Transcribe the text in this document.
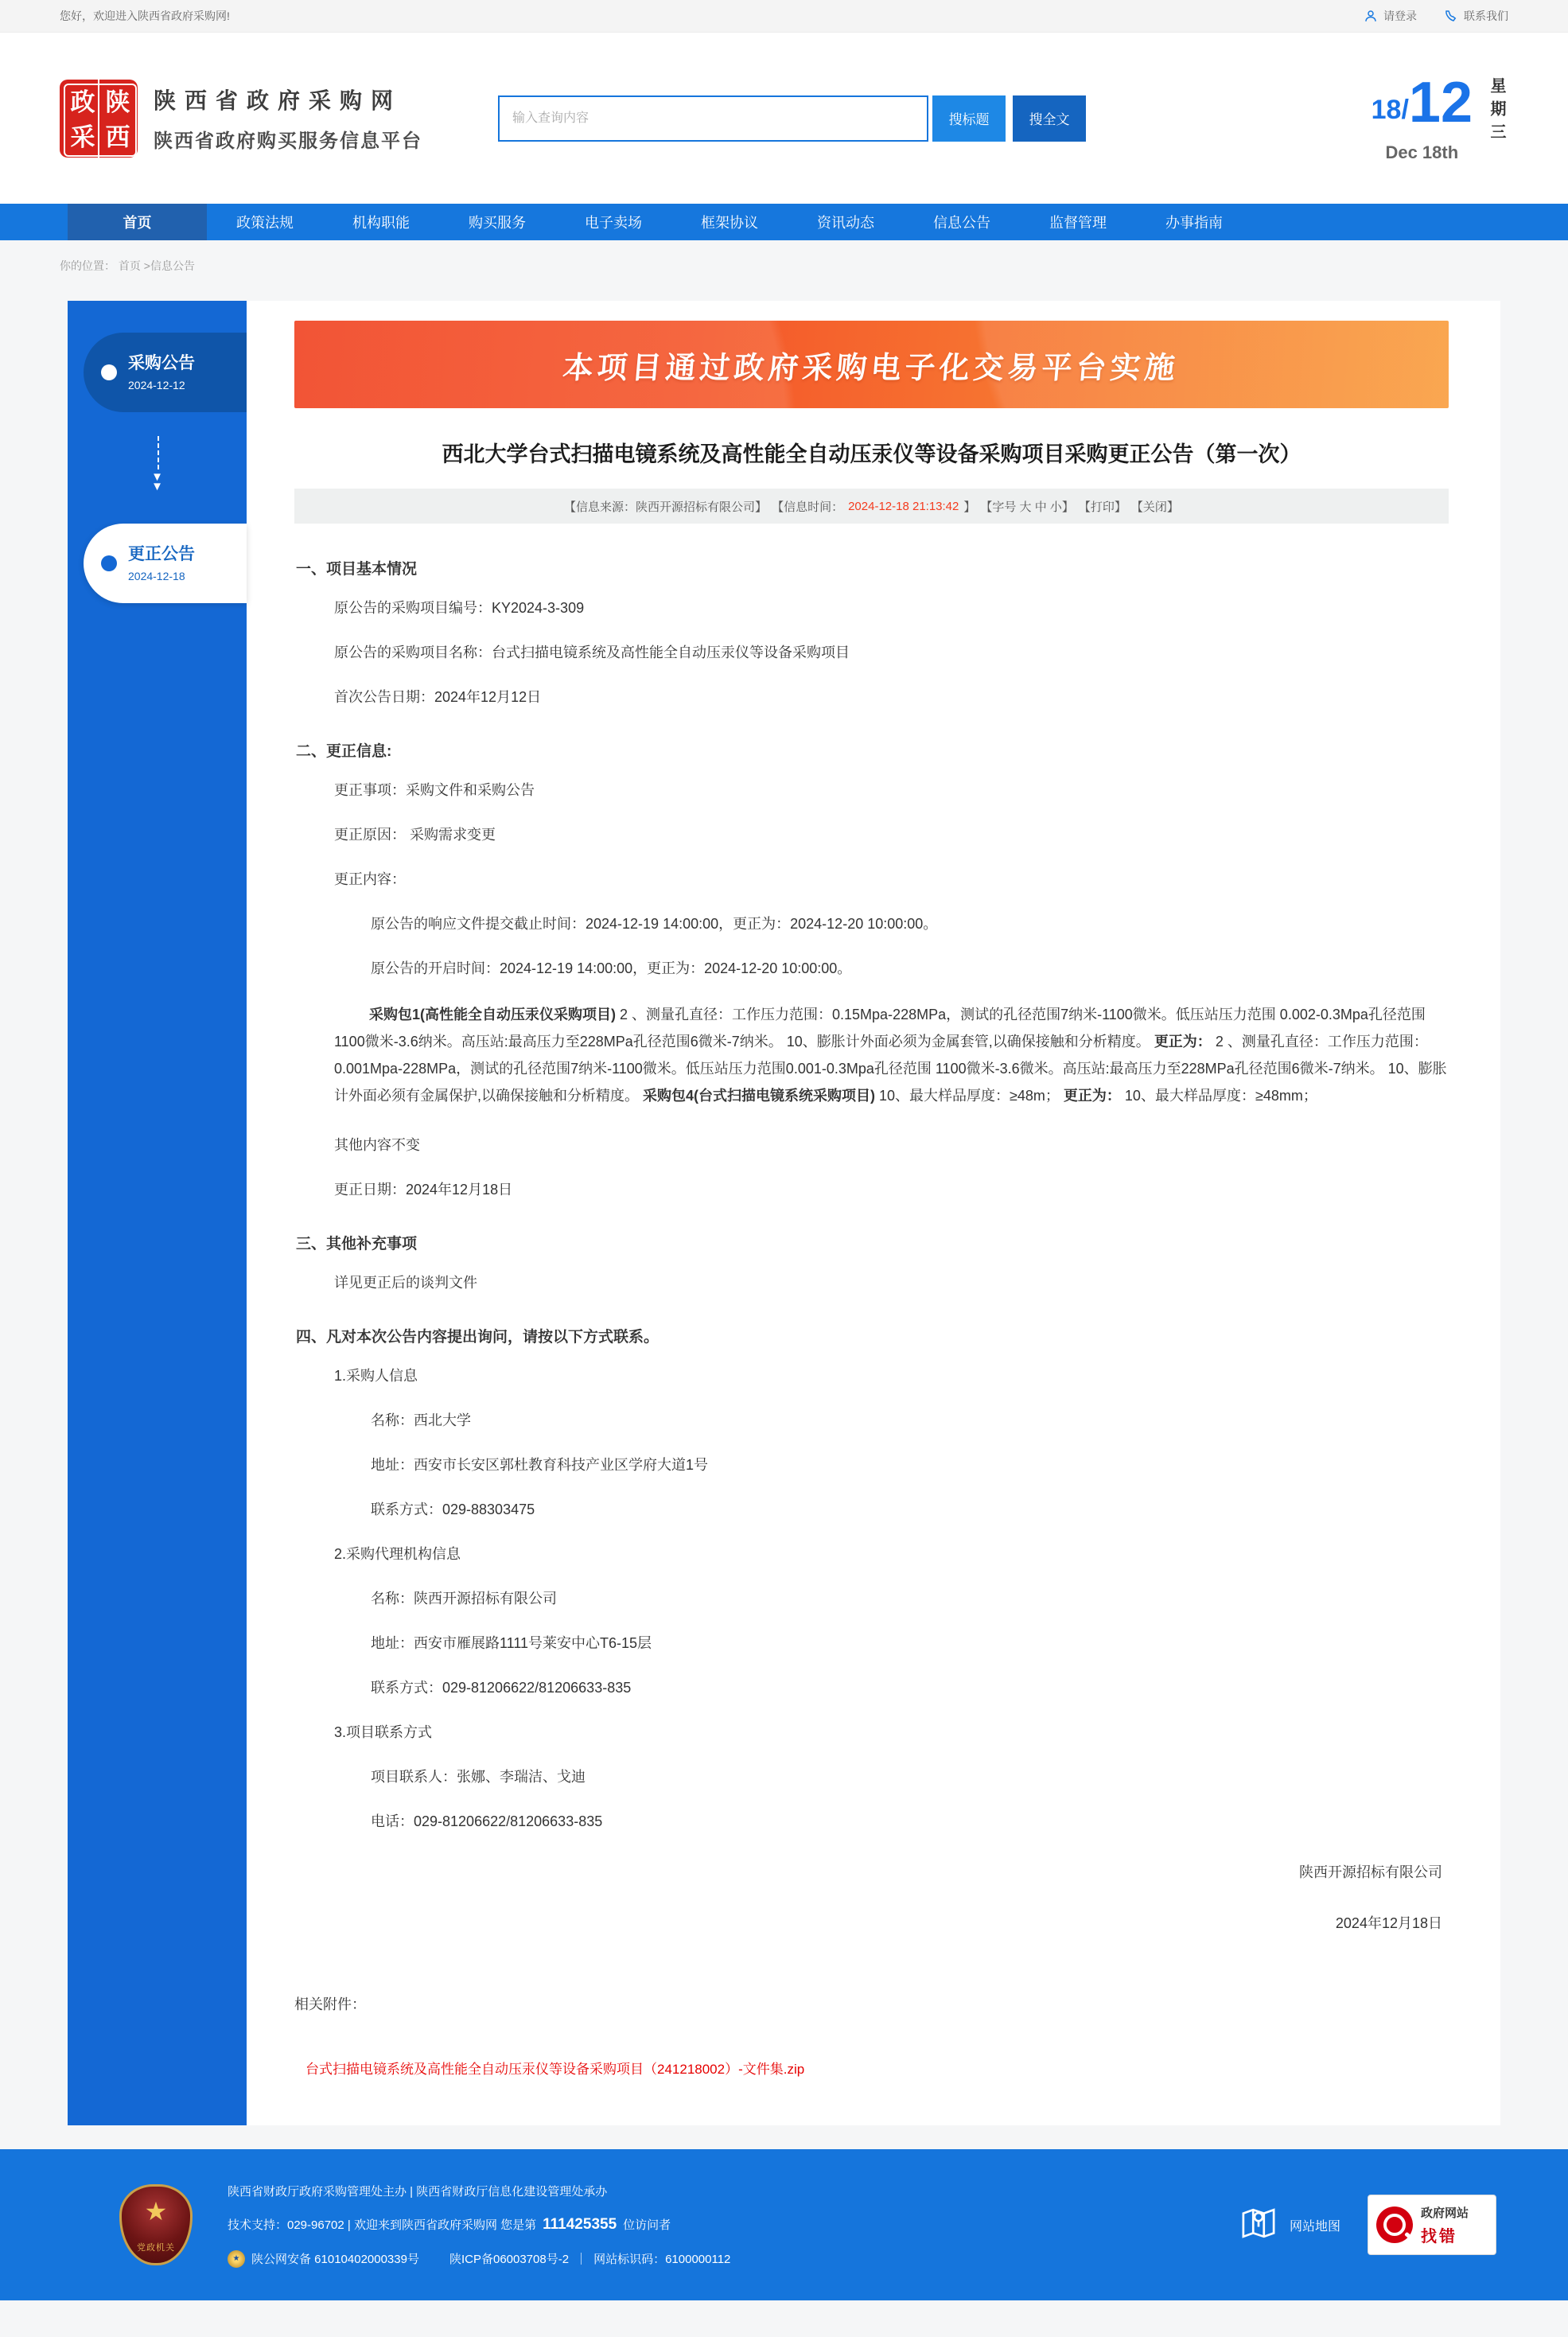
您好，欢迎进入陕西省政府采购网!	请登录	联系我们
政 陕
采 西
陕西省政府采购网
陕西省政府购买服务信息平台
输入查询内容
搜标题	搜全文	18/ 12
Dec 18th
星期三
首页	政策法规	机构职能	购买服务	电子卖场	框架协议	资讯动态	信息公告	监督管理	办事指南
你的位置： 首页 >信息公告
采购公告
2024-12-12
▼ ▼
更正公告
2024-12-18
本项目通过政府采购电子化交易平台实施
西北大学台式扫描电镜系统及高性能全自动压汞仪等设备采购项目采购更正公告（第一次）
【信息来源：陕西开源招标有限公司】 【信息时间： 2024-12-18 21:13:42 】 【字号 大 中 小】 【打印】 【关闭】
一、项目基本情况

原公告的采购项目编号：KY2024-3-309

原公告的采购项目名称：台式扫描电镜系统及高性能全自动压汞仪等设备采购项目

首次公告日期：2024年12月12日

二、更正信息:

更正事项：采购文件和采购公告

更正原因： 采购需求变更

更正内容：

原公告的响应文件提交截止时间：2024-12-19 14:00:00，更正为：2024-12-20 10:00:00。

原公告的开启时间：2024-12-19 14:00:00，更正为：2024-12-20 10:00:00。

采购包1(高性能全自动压汞仪采购项目) 2 、测量孔直径：工作压力范围：0.15Mpa-228MPa，测试的孔径范围7纳米-1100微米。低压站压力范围 0.002-0.3Mpa孔径范围 1100微米-3.6纳米。高压站:最高压力至228MPa孔径范围6微米-7纳米。 10、膨胀计外面必须为金属套管,以确保接触和分析精度。 更正为： 2 、测量孔直径：工作压力范围：0.001Mpa-228MPa，测试的孔径范围7纳米-1100微米。低压站压力范围0.001-0.3Mpa孔径范围 1100微米-3.6微米。高压站:最高压力至228MPa孔径范围6微米-7纳米。 10、膨胀计外面必须有金属保护,以确保接触和分析精度。 采购包4(台式扫描电镜系统采购项目) 10、最大样品厚度：≥48m； 更正为： 10、最大样品厚度：≥48mm；

其他内容不变

更正日期：2024年12月18日

三、其他补充事项

详见更正后的谈判文件

四、凡对本次公告内容提出询问，请按以下方式联系。

1.采购人信息

名称：西北大学

地址：西安市长安区郭杜教育科技产业区学府大道1号

联系方式：029-88303475

2.采购代理机构信息

名称：陕西开源招标有限公司

地址：西安市雁展路1111号莱安中心T6-15层

联系方式：029-81206622/81206633-835

3.项目联系方式

项目联系人：张娜、李瑞洁、戈迪

电话：029-81206622/81206633-835

陕西开源招标有限公司

2024年12月18日

相关附件：

台式扫描电镜系统及高性能全自动压汞仪等设备采购项目（241218002）-文件集.zip
★ 党政机关
陕西省财政厅政府采购管理处主办 | 陕西省财政厅信息化建设管理处承办
技术支持：029-96702 | 欢迎来到陕西省政府采购网 您是第 111425355 位访问者
★ 陕公网安备 61010402000339号	陕ICP备06003708号-2 ｜ 网站标识码：6100000112
网站地图
政府网站
找错
